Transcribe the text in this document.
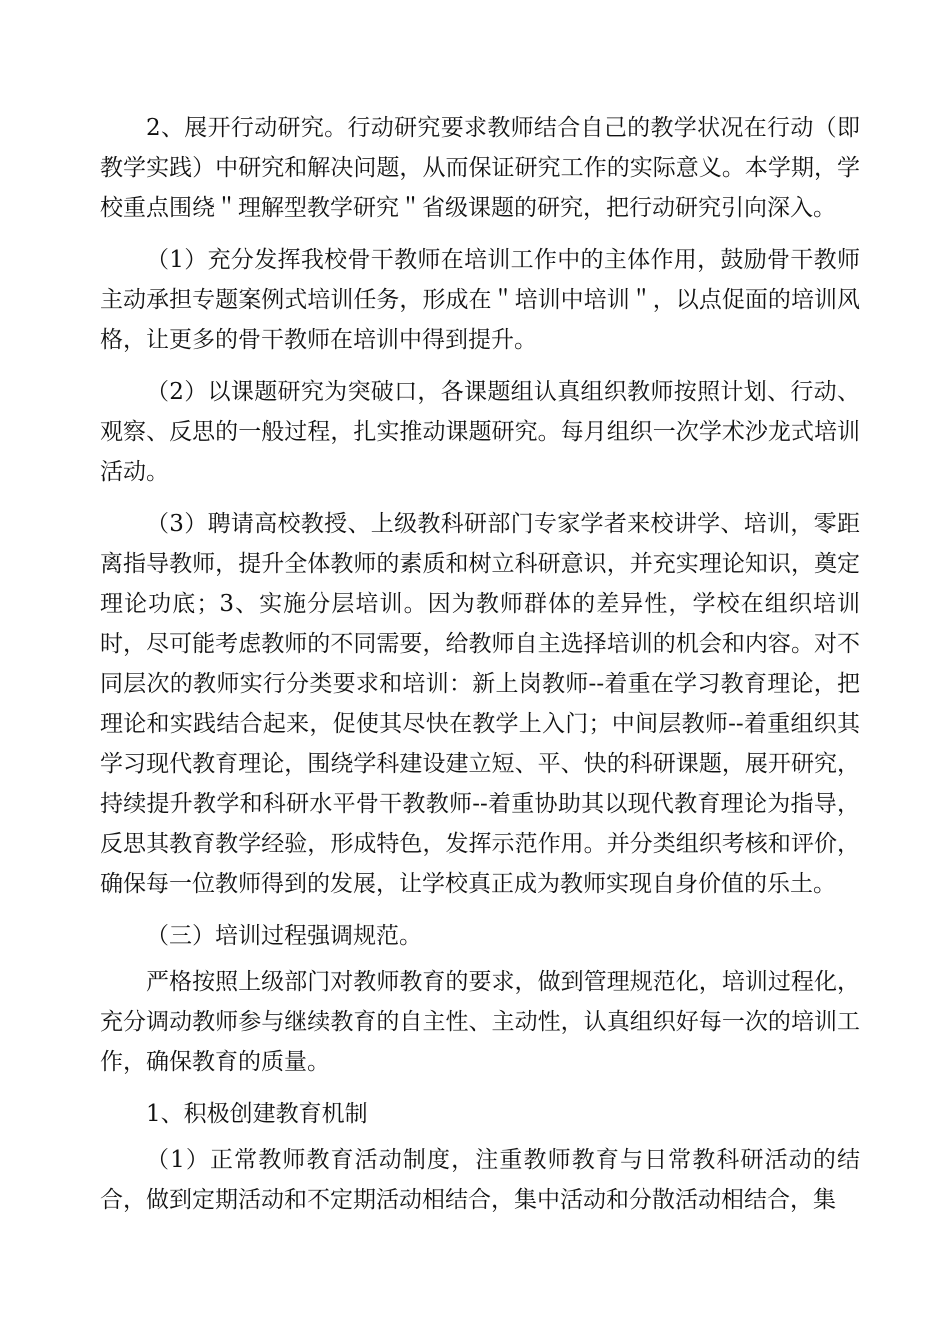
2、展开行动研究。行动研究要求教师结合自己的教学状况在行动（即教学实践）中研究和解决问题，从而保证研究工作的实际意义。本学期，学校重点围绕＂理解型教学研究＂省级课题的研究，把行动研究引向深入。

（1）充分发挥我校骨干教师在培训工作中的主体作用，鼓励骨干教师主动承担专题案例式培训任务，形成在＂培训中培训＂，以点促面的培训风格，让更多的骨干教师在培训中得到提升。

（2）以课题研究为突破口，各课题组认真组织教师按照计划、行动、观察、反思的一般过程，扎实推动课题研究。每月组织一次学术沙龙式培训活动。

（3）聘请高校教授、上级教科研部门专家学者来校讲学、培训，零距离指导教师，提升全体教师的素质和树立科研意识，并充实理论知识，奠定理论功底；3、实施分层培训。因为教师群体的差异性，学校在组织培训时，尽可能考虑教师的不同需要，给教师自主选择培训的机会和内容。对不同层次的教师实行分类要求和培训：新上岗教师--着重在学习教育理论，把理论和实践结合起来，促使其尽快在教学上入门；中间层教师--着重组织其学习现代教育理论，围绕学科建设建立短、平、快的科研课题，展开研究，持续提升教学和科研水平骨干教教师--着重协助其以现代教育理论为指导，反思其教育教学经验，形成特色，发挥示范作用。并分类组织考核和评价，确保每一位教师得到的发展，让学校真正成为教师实现自身价值的乐土。

（三）培训过程强调规范。

严格按照上级部门对教师教育的要求，做到管理规范化，培训过程化，充分调动教师参与继续教育的自主性、主动性，认真组织好每一次的培训工作，确保教育的质量。

1、积极创建教育机制

（1）正常教师教育活动制度，注重教师教育与日常教科研活动的结合，做到定期活动和不定期活动相结合，集中活动和分散活动相结合，集
